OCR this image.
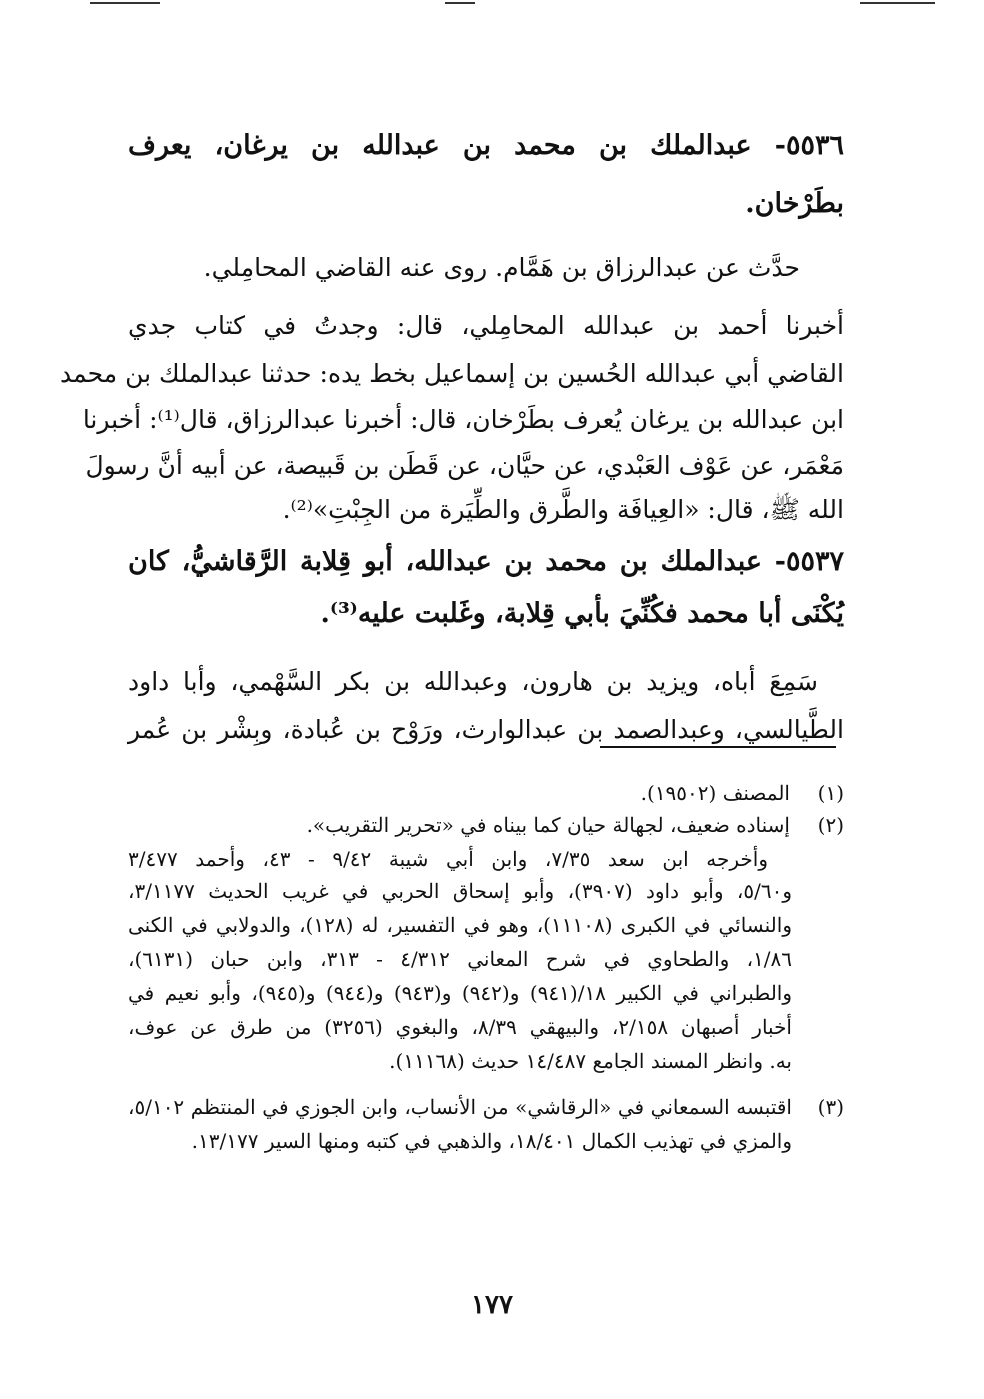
٥٥٣٦- عبدالملك بن محمد بن عبدالله بن يرغان، يعرف
بطَرْخان.
حدَّث عن عبدالرزاق بن هَمَّام. روى عنه القاضي المحامِلي.
أخبرنا أحمد بن عبدالله المحامِلي، قال: وجدتُ في كتاب جدي
القاضي أبي عبدالله الحُسين بن إسماعيل بخط يده: حدثنا عبدالملك بن محمد
ابن عبدالله بن يرغان يُعرف بطَرْخان، قال: أخبرنا عبدالرزاق، قال⁽¹⁾: أخبرنا
مَعْمَر، عن عَوْف العَبْدي، عن حيَّان، عن قَطَن بن قَبيصة، عن أبيه أنَّ رسولَ
الله ﷺ، قال: «العِيافَة والطَّرق والطِّيَرة من الجِبْتِ»⁽²⁾.
٥٥٣٧- عبدالملك بن محمد بن عبدالله، أبو قِلابة الرَّقاشيُّ، كان
يُكْنَى أبا محمد فكُنِّيَ بأبي قِلابة، وغَلبت عليه⁽³⁾.
سَمِعَ أباه، ويزيد بن هارون، وعبدالله بن بكر السَّهْمي، وأبا داود
الطَّيالسي، وعبدالصمد بن عبدالوارث، ورَوْح بن عُبادة، وبِشْر بن عُمر
(١)
المصنف (١٩٥٠٢).
(٢)
إسناده ضعيف، لجهالة حيان كما بيناه في «تحرير التقريب».
وأخرجه ابن سعد ٧/٣٥، وابن أبي شيبة ٩/٤٢ - ٤٣، وأحمد ٣/٤٧٧
و٥/٦٠، وأبو داود (٣٩٠٧)، وأبو إسحاق الحربي في غريب الحديث ٣/١١٧٧،
والنسائي في الكبرى (١١١٠٨)، وهو في التفسير، له (١٢٨)، والدولابي في الكنى
١/٨٦، والطحاوي في شرح المعاني ٤/٣١٢ - ٣١٣، وابن حبان (٦١٣١)،
والطبراني في الكبير ١٨/(٩٤١) و(٩٤٢) و(٩٤٣) و(٩٤٤) و(٩٤٥)، وأبو نعيم في
أخبار أصبهان ٢/١٥٨، والبيهقي ٨/٣٩، والبغوي (٣٢٥٦) من طرق عن عوف،
به. وانظر المسند الجامع ١٤/٤٨٧ حديث (١١١٦٨).
(٣)
اقتبسه السمعاني في «الرقاشي» من الأنساب، وابن الجوزي في المنتظم ٥/١٠٢،
والمزي في تهذيب الكمال ١٨/٤٠١، والذهبي في كتبه ومنها السير ١٣/١٧٧.
١٧٧
